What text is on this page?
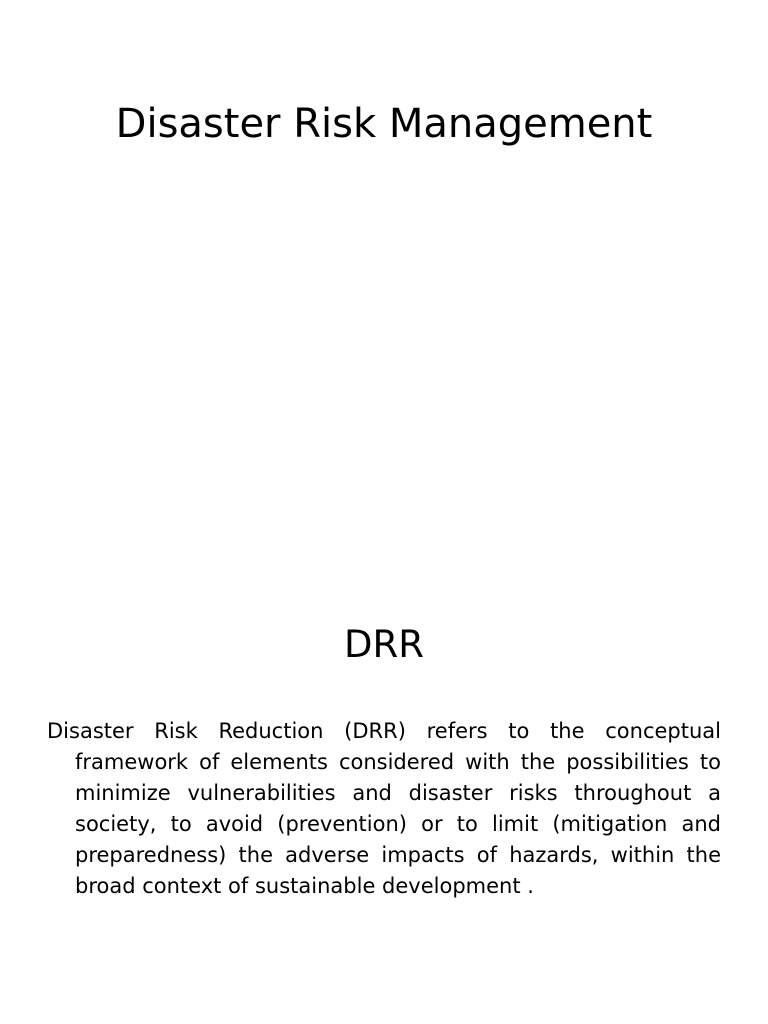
Disaster Risk Management
DRR

Disaster Risk Reduction (DRR) refers to the conceptual framework of elements considered with the possibilities to minimize vulnerabilities and disaster risks throughout a society, to avoid (prevention) or to limit (mitigation and preparedness) the adverse impacts of hazards, within the broad context of sustainable development .
